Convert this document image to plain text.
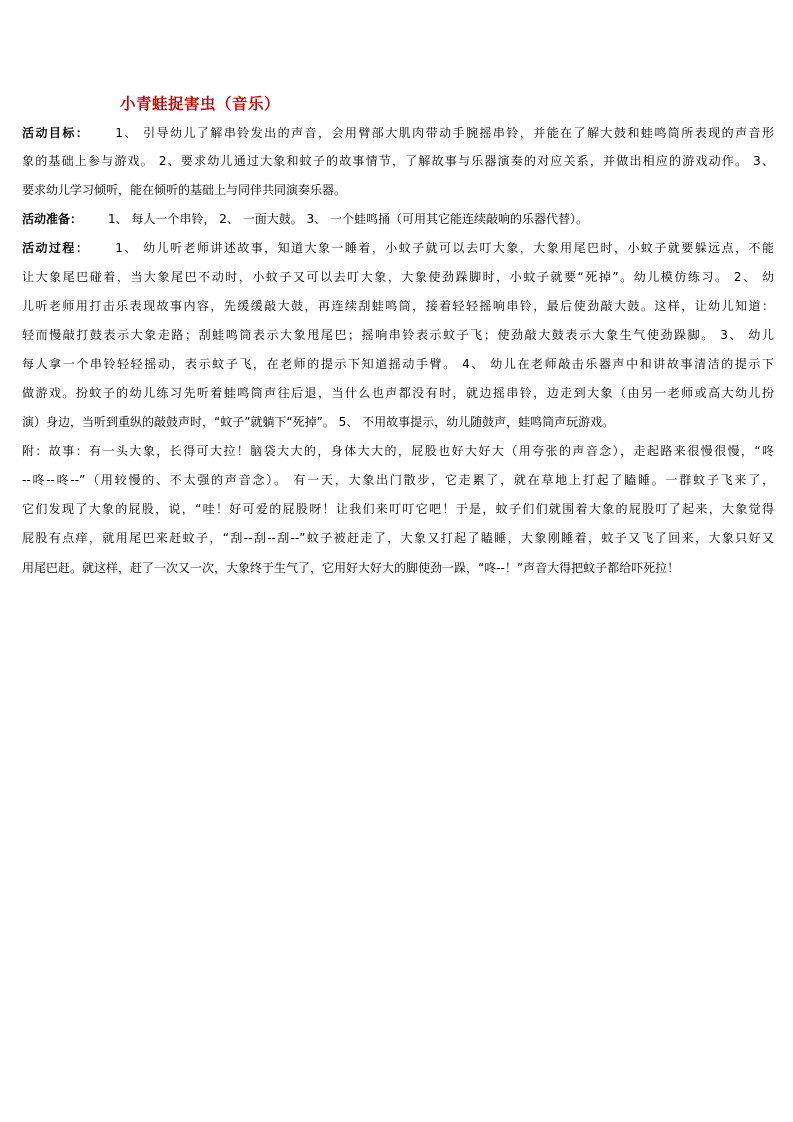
小青蛙捉害虫（音乐）
活动目标： 1、 引导幼儿了解串铃发出的声音，会用臂部大肌肉带动手腕摇串铃，并能在了解大鼓和蛙鸣筒所表现的声音形
象的基础上参与游戏。 2、要求幼儿通过大象和蚊子的故事情节，了解故事与乐器演奏的对应关系，并做出相应的游戏动作。 3、
要求幼儿学习倾听，能在倾听的基础上与同伴共同演奏乐器。
活动准备： 1、 每人一个串铃， 2、 一面大鼓。 3、 一个蛙鸣捅（可用其它能连续敲响的乐器代替）。
活动过程： 1、 幼儿听老师讲述故事，知道大象一睡着，小蚊子就可以去叮大象，大象用尾巴时，小蚊子就要躲远点，不能
让大象尾巴碰着，当大象尾巴不动时，小蚊子又可以去叮大象，大象使劲跺脚时，小蚊子就要“死掉”。幼儿模仿练习。 2、 幼
儿听老师用打击乐表现故事内容，先缓缓敲大鼓，再连续刮蛙鸣筒，接着轻轻摇响串铃，最后使劲敲大鼓。这样，让幼儿知道：
轻而慢敲打鼓表示大象走路；刮蛙鸣筒表示大象甩尾巴；摇响串铃表示蚊子飞；使劲敲大鼓表示大象生气使劲跺脚。 3、 幼儿
每人拿一个串铃轻轻摇动，表示蚊子飞，在老师的提示下知道摇动手臂。 4、 幼儿在老师敲击乐器声中和讲故事清洁的提示下
做游戏。扮蚊子的幼儿练习先听着蛙鸣筒声往后退，当什么也声都没有时，就边摇串铃，边走到大象（由另一老师或高大幼儿扮
演）身边，当听到重纵的敲鼓声时，“蚊子”就躺下“死掉”。 5、 不用故事提示，幼儿随鼓声，蛙鸣筒声玩游戏。
附：故事：有一头大象，长得可大拉！脑袋大大的，身体大大的，屁股也好大好大（用夸张的声音念），走起路来很慢很慢，“咚
--咚--咚--”（用较慢的、不太强的声音念）。 有一天，大象出门散步，它走累了，就在草地上打起了瞌睡。一群蚊子飞来了，
它们发现了大象的屁股，说，“哇！好可爱的屁股呀！让我们来叮叮它吧！于是，蚊子们们就围着大象的屁股叮了起来，大象觉得
屁股有点痒，就用尾巴来赶蚊子，“刮--刮--刮--”蚊子被赶走了，大象又打起了瞌睡，大象刚睡着，蚊子又飞了回来，大象只好又
用尾巴赶。就这样，赶了一次又一次，大象终于生气了，它用好大好大的脚使劲一跺，“咚--！”声音大得把蚊子都给吓死拉！
